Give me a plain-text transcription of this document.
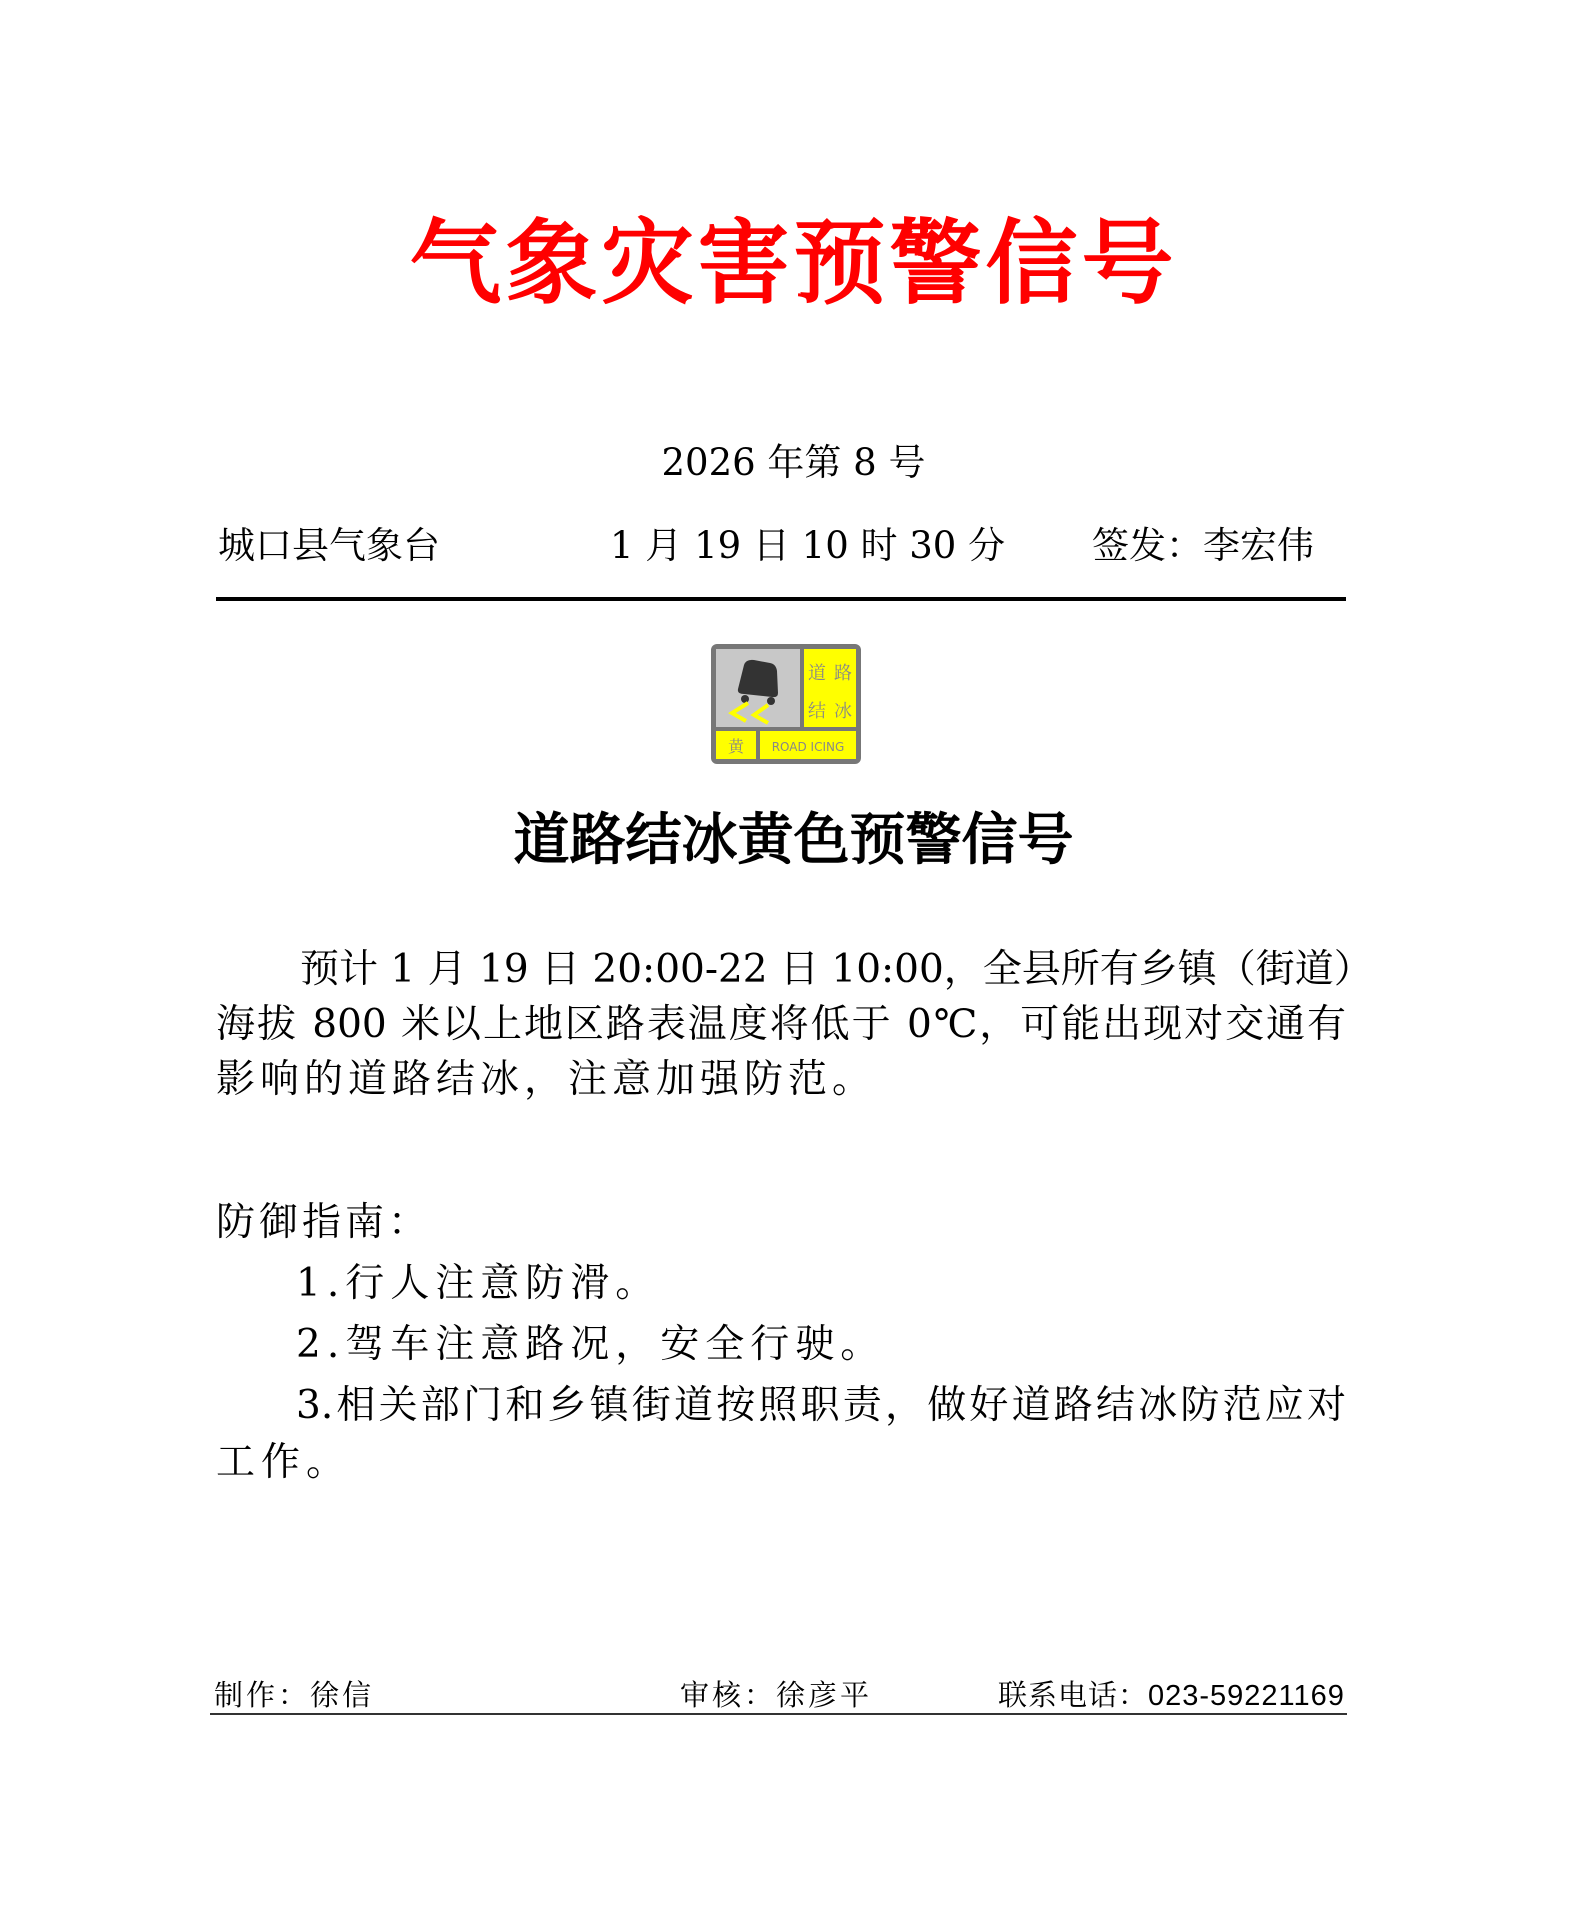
气象灾害预警信号
2026 年第 8 号
城口县气象台	1 月 19 日 10 时 30 分 签发：李宏伟
道 路
结 冰
黄 ROAD ICING
道路结冰黄色预警信号
预计 1 月 19 日 20:00-22 日 10:00，全县所有乡镇（街道）
海拔 800 米以上地区路表温度将低于 0℃，可能出现对交通有
影响的道路结冰，注意加强防范。
防御指南：
1.行人注意防滑。
2.驾车注意路况，安全行驶。
3.相关部门和乡镇街道按照职责，做好道路结冰防范应对
工作。
制作：徐信	审核：徐彦平	联系电话：023-59221169
